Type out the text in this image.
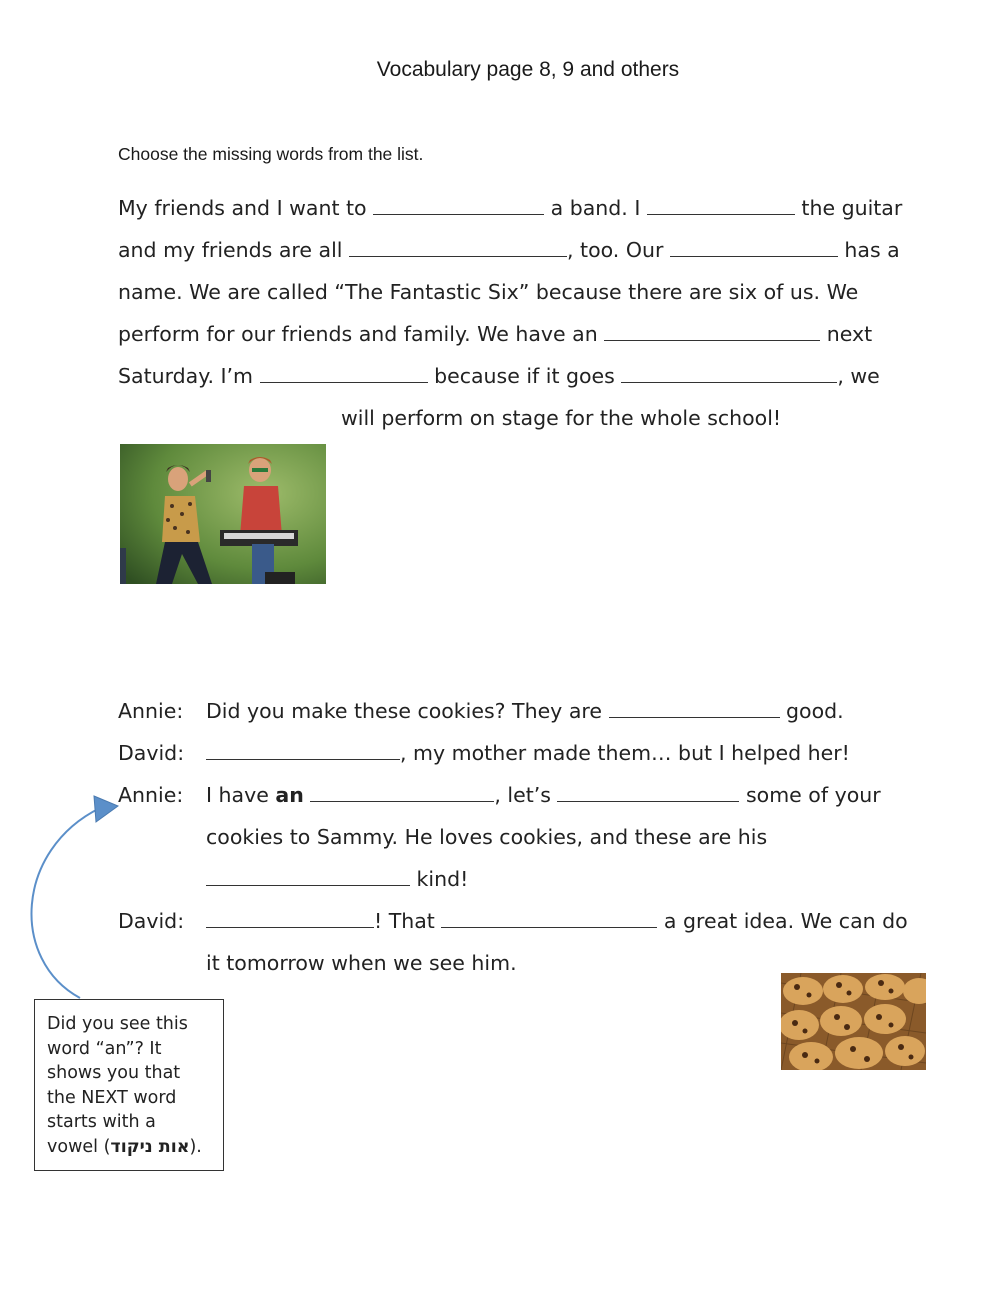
Vocabulary page 8, 9 and others
Choose the missing words from the list.
My friends and I want to	a band. I	the guitar
and my friends are all	, too. Our	has a
name. We are called “The Fantastic Six” because there are six of us. We
perform for our friends and family. We have an	next
Saturday. I’m	because if it goes	, we
will perform on stage for the whole school!
Annie: Did you make these cookies? They are	good.
David:	, my mother made them… but I helped her!
Annie: I have an	, let’s	some of your
cookies to Sammy. He loves cookies, and these are his
kind!
David:	! That	a great idea. We can do
it tomorrow when we see him.
Did you see this
word “an”? It
shows you that
the NEXT word
starts with a
vowel (אות ניקוד).
